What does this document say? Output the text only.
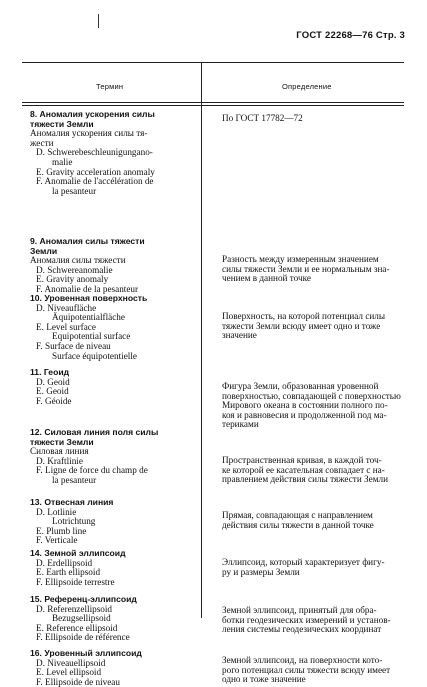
ГОСТ 22268—76 Стр. 3
Термин	Определение
8. Аномалия ускорения силы
тяжести Земли
Аномалия ускорения силы тя-
жести
D. Schwerebeschleunigungano-
malie
E. Gravity acceleration anomaly
F. Anomalie de l'accélération de
la pesanteur
По ГОСТ 17782—72
9. Аномалия силы тяжести
Земли
Аномалия силы тяжести
D. Schwereanomalie
E. Gravity anomaly
F. Anomalie de la pesanteur
Разность между измеренным значением
силы тяжести Земли и ее нормальным зна-
чением в данной точке
10. Уровенная поверхность
D. Niveaufläche
Äquipotentialfläche
E. Level surface
Equipotential surface
F. Surface de niveau
Surface équipotentielle
Поверхность, на которой потенциал силы
тяжести Земли всюду имеет одно и тоже
значение
11. Геоид
D. Geoid
E. Geoid
F. Géoide
Фигура Земли, образованная уровенной
поверхностью, совпадающей с поверхностью
Мирового океана в состоянии полного по-
коя и равновесия и продолженной под ма-
териками
12. Силовая линия поля силы
тяжести Земли
Силовая линия
D. Kraftlinie
F. Ligne de force du champ de
la pesanteur
Пространственная кривая, в каждой точ-
ке которой ее касательная совпадает с на-
правлением действия силы тяжести Земли
13. Отвесная линия
D. Lotlinie
Lotrichtung
E. Plumb line
F. Verticale
Прямая, совпадающая с направлением
действия силы тяжести в данной точке
14. Земной эллипсоид
D. Erdellipsoid
E. Earth ellipsoid
F. Ellipsoide terrestre
Эллипсоид, который характеризует фигу-
ру и размеры Земли
15. Референц-эллипсоид
D. Referenzellipsoid
Bezugsellipsoid
E. Reference ellipsoid
F. Ellipsoide de référence
Земной эллипсоид, принятый для обра-
ботки геодезических измерений и установ-
ления системы геодезических координат
16. Уровенный эллипсоид
D. Niveauellipsoid
E. Level ellipsoid
F. Ellipsoide de niveau
Земной эллипсоид, на поверхности кото-
рого потенциал силы тяжести всюду имеет
одно и тоже значение
